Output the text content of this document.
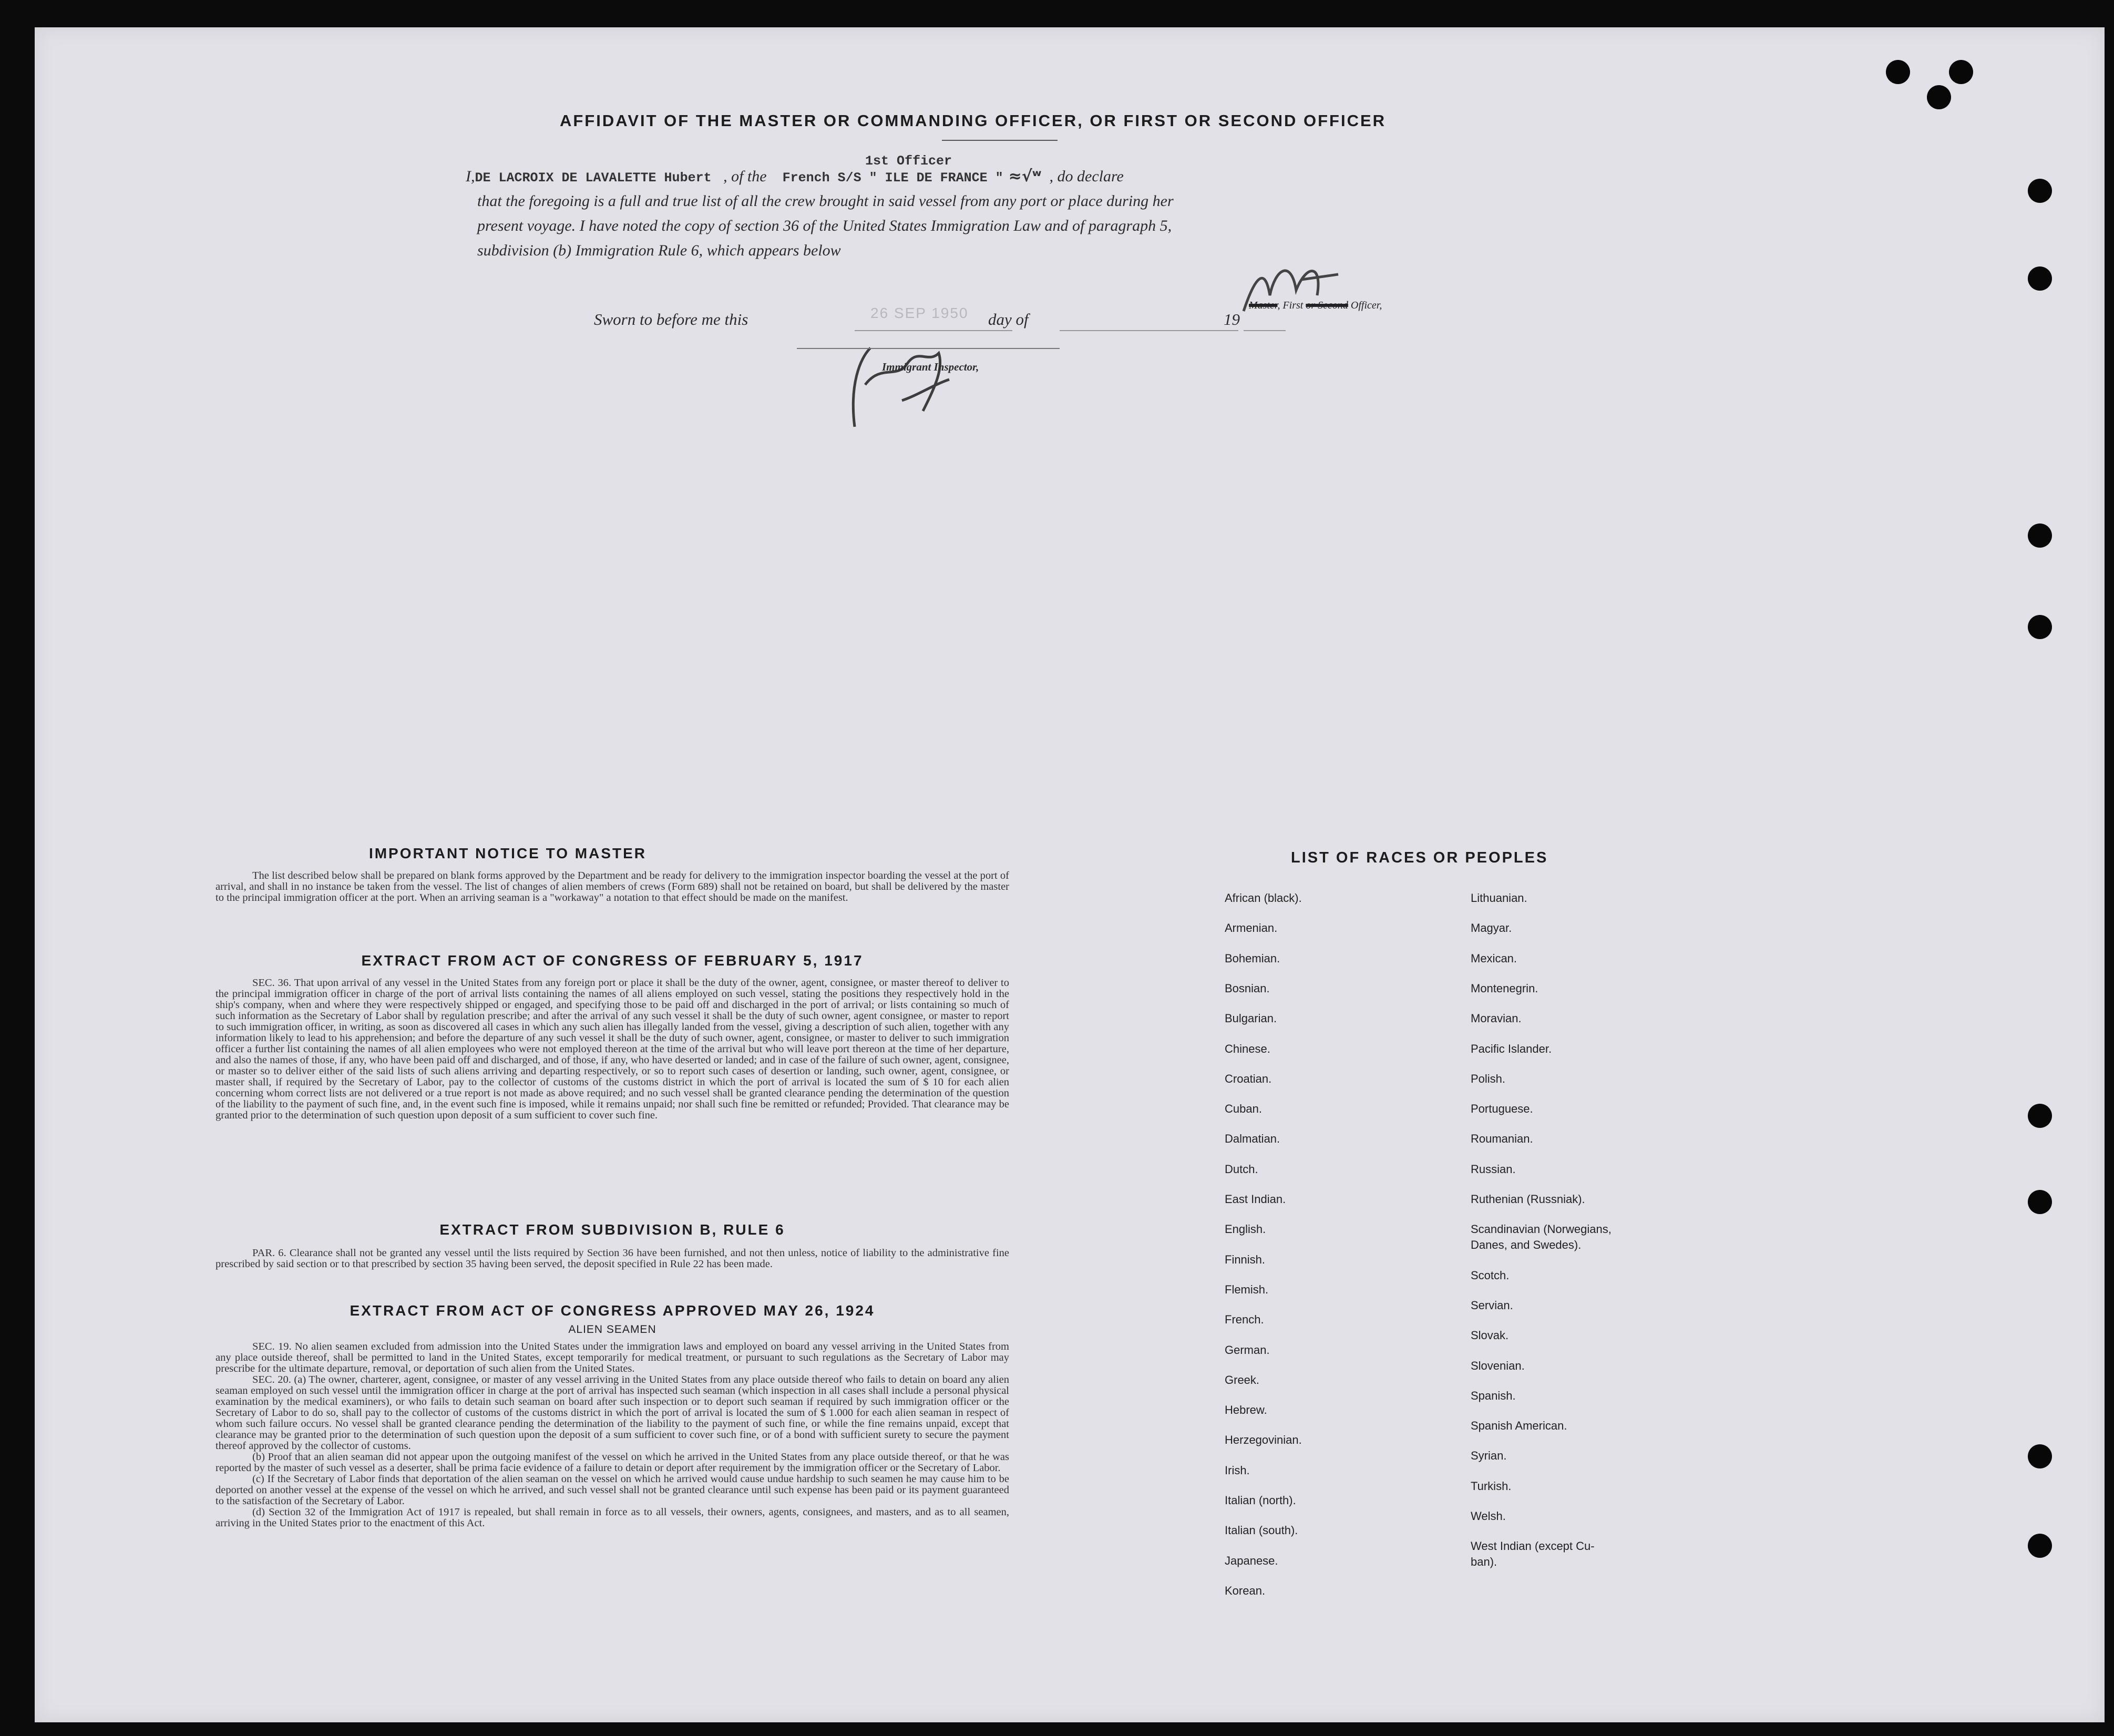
AFFIDAVIT OF THE MASTER OR COMMANDING OFFICER, OR FIRST OR SECOND OFFICER
1st Officer
I,DE LACROIX DE LAVALETTE Hubert , of the French S/S " ILE DE FRANCE " ≈√ʷ , do declare
that the foregoing is a full and true list of all the crew brought in said vessel from any port or place during her
present voyage. I have noted the copy of section 36 of the United States Immigration Law and of paragraph 5,
subdivision (b) Immigration Rule 6, which appears below
Master, First or Second Officer,
Sworn to before me this	26 SEP 1950 day of	19
Immigrant Inspector,
IMPORTANT NOTICE TO MASTER

The list described below shall be prepared on blank forms approved by the Department and be ready for delivery to the immigration inspector boarding the vessel at the port of arrival, and shall in no instance be taken from the vessel. The list of changes of alien members of crews (Form 689) shall not be retained on board, but shall be delivered by the master to the principal immigration officer at the port. When an arriving seaman is a "workaway" a notation to that effect should be made on the manifest.

EXTRACT FROM ACT OF CONGRESS OF FEBRUARY 5, 1917

SEC. 36. That upon arrival of any vessel in the United States from any foreign port or place it shall be the duty of the owner, agent, consignee, or master thereof to deliver to the principal immigration officer in charge of the port of arrival lists containing the names of all aliens employed on such vessel, stating the positions they respectively hold in the ship's company, when and where they were respectively shipped or engaged, and specifying those to be paid off and discharged in the port of arrival; or lists containing so much of such information as the Secretary of Labor shall by regulation prescribe; and after the arrival of any such vessel it shall be the duty of such owner, agent consignee, or master to report to such immigration officer, in writing, as soon as discovered all cases in which any such alien has illegally landed from the vessel, giving a description of such alien, together with any information likely to lead to his apprehension; and before the departure of any such vessel it shall be the duty of such owner, agent, consignee, or master to deliver to such immigration officer a further list containing the names of all alien employees who were not employed thereon at the time of the arrival but who will leave port thereon at the time of her departure, and also the names of those, if any, who have been paid off and discharged, and of those, if any, who have deserted or landed; and in case of the failure of such owner, agent, consignee, or master so to deliver either of the said lists of such aliens arriving and departing respectively, or so to report such cases of desertion or landing, such owner, agent, consignee, or master shall, if required by the Secretary of Labor, pay to the collector of customs of the customs district in which the port of arrival is located the sum of $ 10 for each alien concerning whom correct lists are not delivered or a true report is not made as above required; and no such vessel shall be granted clearance pending the determination of the question of the liability to the payment of such fine, and, in the event such fine is imposed, while it remains unpaid; nor shall such fine be remitted or refunded; Provided. That clearance may be granted prior to the determination of such question upon deposit of a sum sufficient to cover such fine.

EXTRACT FROM SUBDIVISION B, RULE 6

PAR. 6. Clearance shall not be granted any vessel until the lists required by Section 36 have been furnished, and not then unless, notice of liability to the administrative fine prescribed by said section or to that prescribed by section 35 having been served, the deposit specified in Rule 22 has been made.

EXTRACT FROM ACT OF CONGRESS APPROVED MAY 26, 1924
ALIEN SEAMEN

SEC. 19. No alien seamen excluded from admission into the United States under the immigration laws and employed on board any vessel arriving in the United States from any place outside thereof, shall be permitted to land in the United States, except temporarily for medical treatment, or pursuant to such regulations as the Secretary of Labor may prescribe for the ultimate departure, removal, or deportation of such alien from the United States.

SEC. 20. (a) The owner, charterer, agent, consignee, or master of any vessel arriving in the United States from any place outside thereof who fails to detain on board any alien seaman employed on such vessel until the immigration officer in charge at the port of arrival has inspected such seaman (which inspection in all cases shall include a personal physical examination by the medical examiners), or who fails to detain such seaman on board after such inspection or to deport such seaman if required by such immigration officer or the Secretary of Labor to do so, shall pay to the collector of customs of the customs district in which the port of arrival is located the sum of $ 1.000 for each alien seaman in respect of whom such failure occurs. No vessel shall be granted clearance pending the determination of the liability to the payment of such fine, or while the fine remains unpaid, except that clearance may be granted prior to the determination of such question upon the deposit of a sum sufficient to cover such fine, or of a bond with sufficient surety to secure the payment thereof approved by the collector of customs.

(b) Proof that an alien seaman did not appear upon the outgoing manifest of the vessel on which he arrived in the United States from any place outside thereof, or that he was reported by the master of such vessel as a deserter, shall be prima facie evidence of a failure to detain or deport after requirement by the immigration officer or the Secretary of Labor.

(c) If the Secretary of Labor finds that deportation of the alien seaman on the vessel on which he arrived would cause undue hardship to such seamen he may cause him to be deported on another vessel at the expense of the vessel on which he arrived, and such vessel shall not be granted clearance until such expense has been paid or its payment guaranteed to the satisfaction of the Secretary of Labor.

(d) Section 32 of the Immigration Act of 1917 is repealed, but shall remain in force as to all vessels, their owners, agents, consignees, and masters, and as to all seamen, arriving in the United States prior to the enactment of this Act.

LIST OF RACES OR PEOPLES
African (black).
Armenian.
Bohemian.
Bosnian.
Bulgarian.
Chinese.
Croatian.
Cuban.
Dalmatian.
Dutch.
East Indian.
English.
Finnish.
Flemish.
French.
German.
Greek.
Hebrew.
Herzegovinian.
Irish.
Italian (north).
Italian (south).
Japanese.
Korean.
Lithuanian.
Magyar.
Mexican.
Montenegrin.
Moravian.
Pacific Islander.
Polish.
Portuguese.
Roumanian.
Russian.
Ruthenian (Russniak).
Scandinavian (Norwegians,
Danes, and Swedes).
Scotch.
Servian.
Slovak.
Slovenian.
Spanish.
Spanish American.
Syrian.
Turkish.
Welsh.
West Indian (except Cu-
ban).
